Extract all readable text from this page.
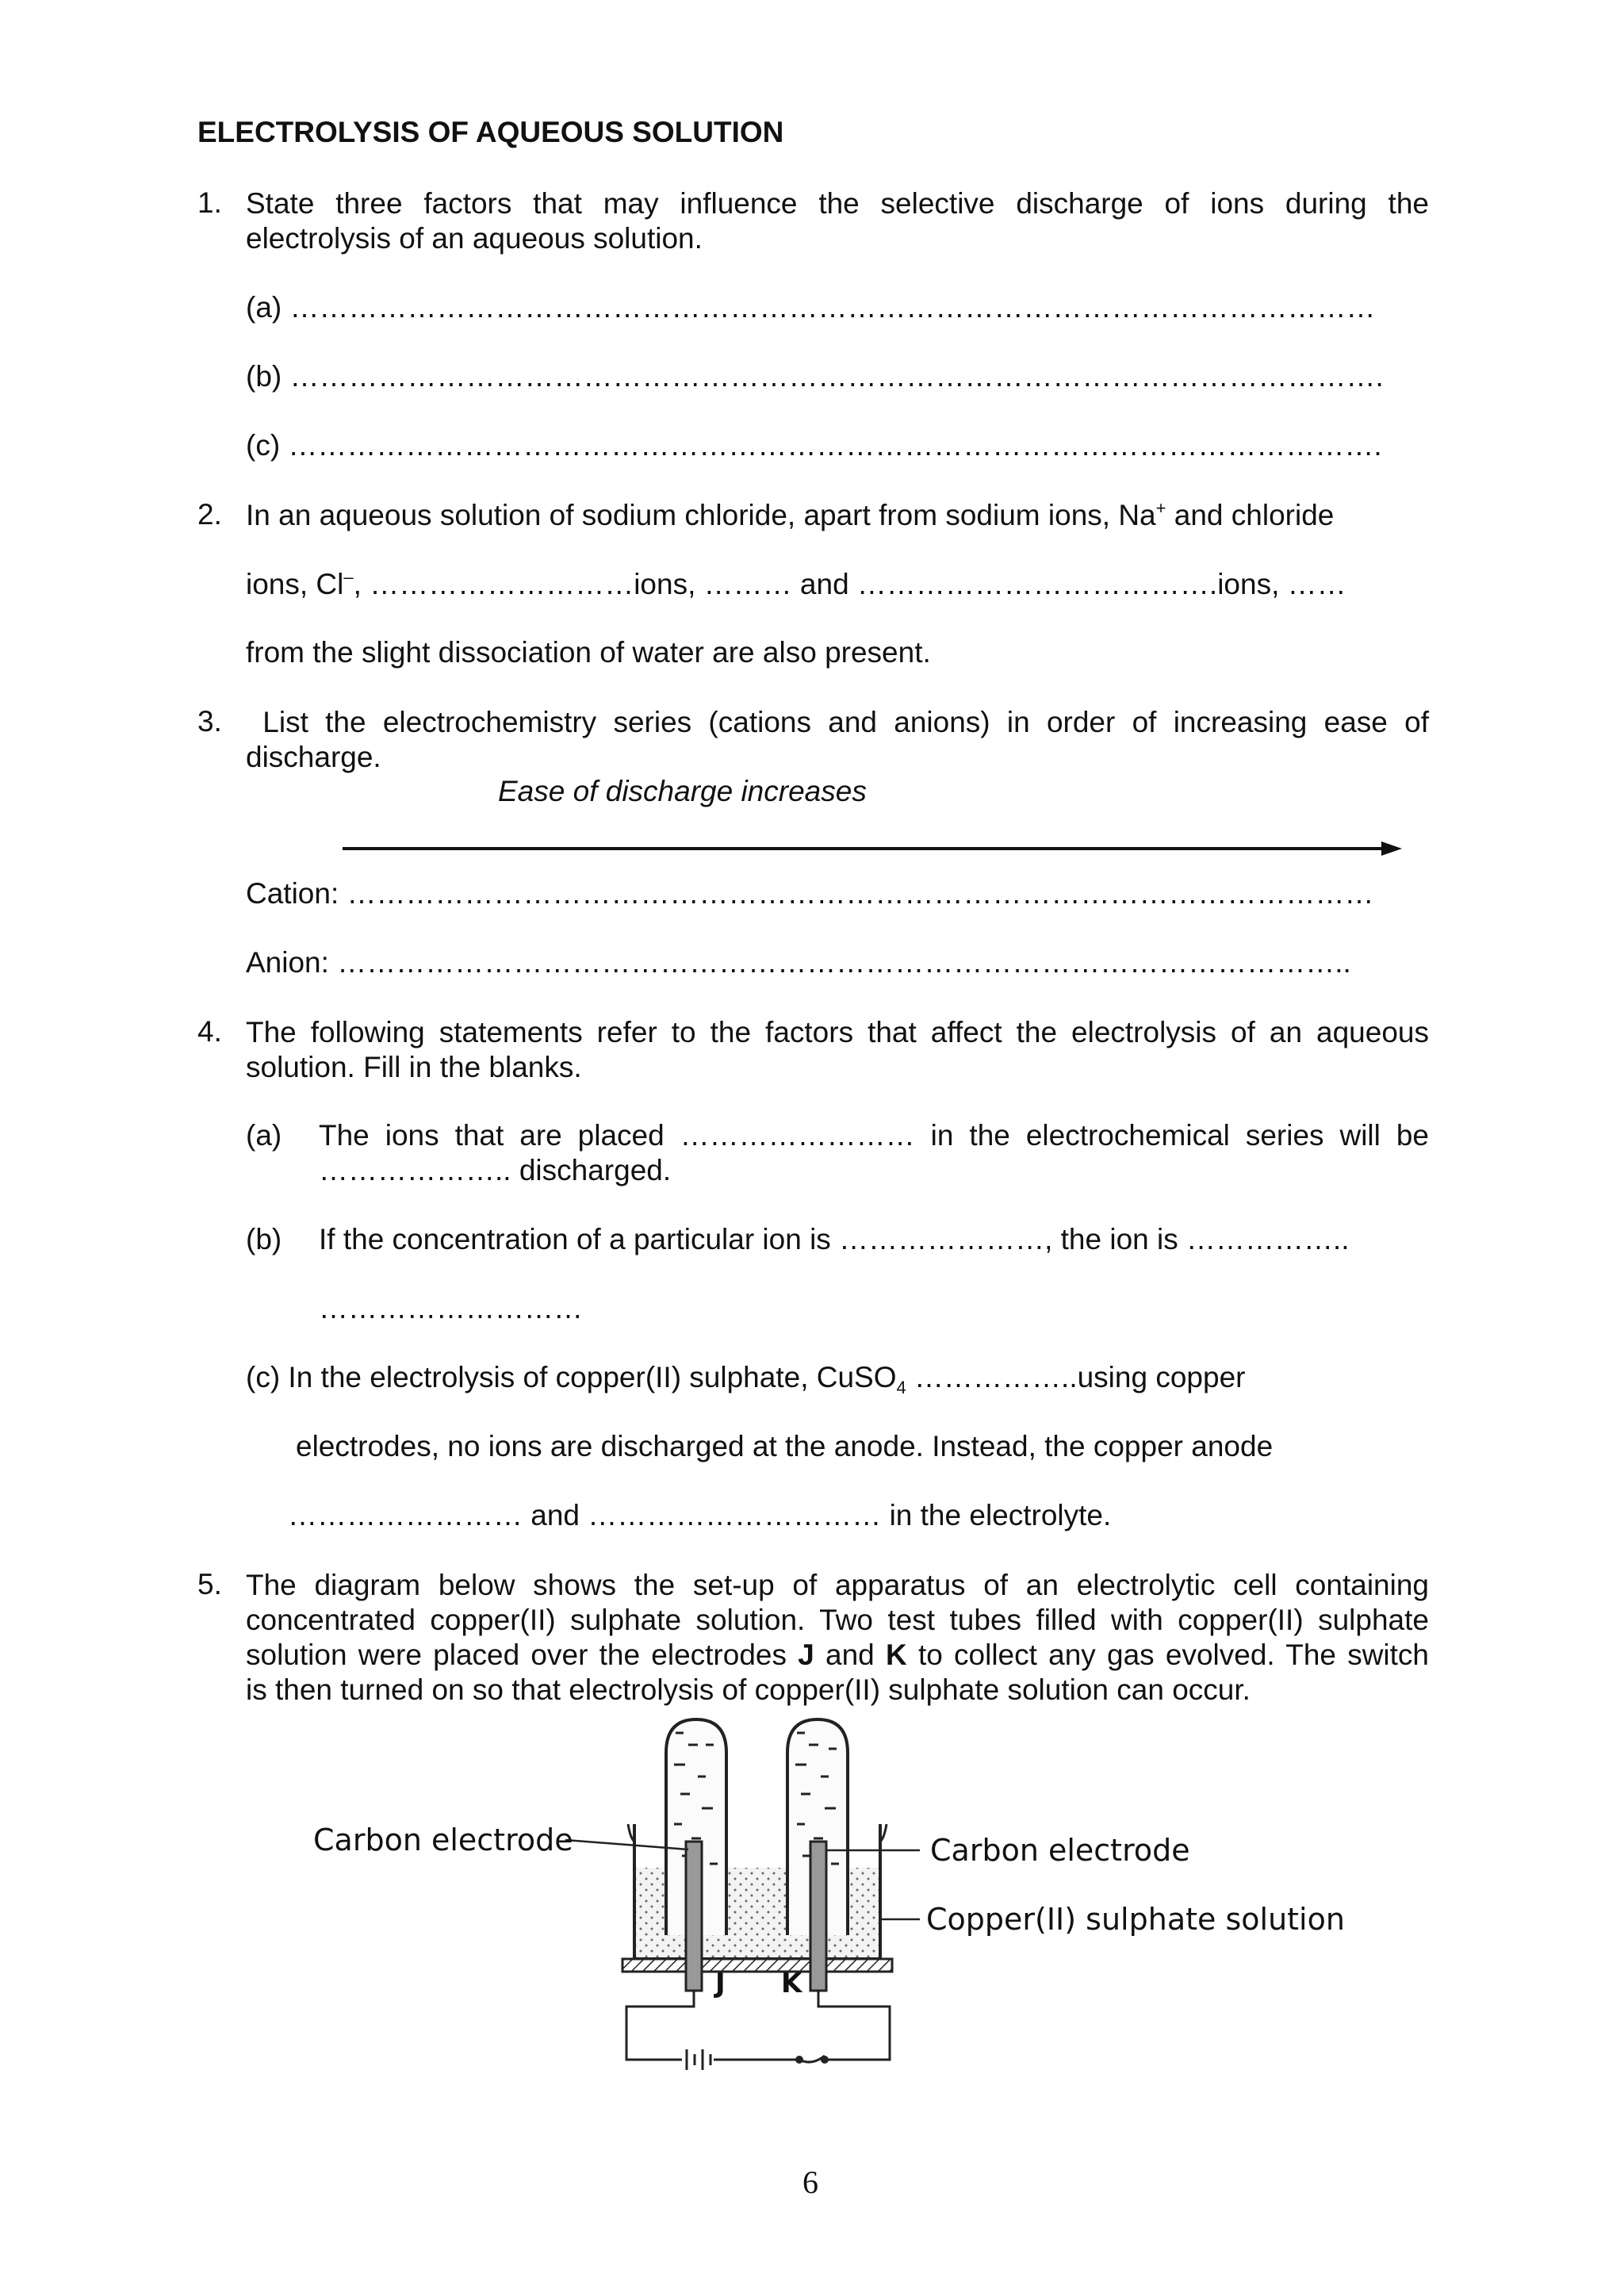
ELECTROLYSIS OF AQUEOUS SOLUTION
1. State three factors that may influence the selective discharge of ions during the
electrolysis of an aqueous solution.
(a) …………………………………………………………………………………………………
(b) ………………………………………………………………………………………………….
(c) ………………………………………………………………………………………………….
2. In an aqueous solution of sodium chloride, apart from sodium ions, Na+ and chloride
ions, Cl–, ………………………ions, ……… and ……………………………….ions, ……
from the slight dissociation of water are also present.
3. List the electrochemistry series (cations and anions) in order of increasing ease of
discharge.
Ease of discharge increases
Cation: ……………………………………………………………………………………………
Anion: …………………………………………………………………………………………..
4. The following statements refer to the factors that affect the electrolysis of an aqueous
solution. Fill in the blanks.
(a) The ions that are placed …………………… in the electrochemical series will be
……………….. discharged.
(b) If the concentration of a particular ion is …………………, the ion is ……………..
………………………
(c) In the electrolysis of copper(II) sulphate, CuSO$_4$ ……………..using copper
electrodes, no ions are discharged at the anode. Instead, the copper anode
…………………… and ………………………… in the electrolyte.
5. The diagram below shows the set-up of apparatus of an electrolytic cell containing
concentrated copper(II) sulphate solution. Two test tubes filled with copper(II) sulphate
solution were placed over the electrodes J and K to collect any gas evolved. The switch
is then turned on so that electrolysis of copper(II) sulphate solution can occur.
J K
Carbon electrode	Carbon electrode
Copper(II) sulphate solution
6
